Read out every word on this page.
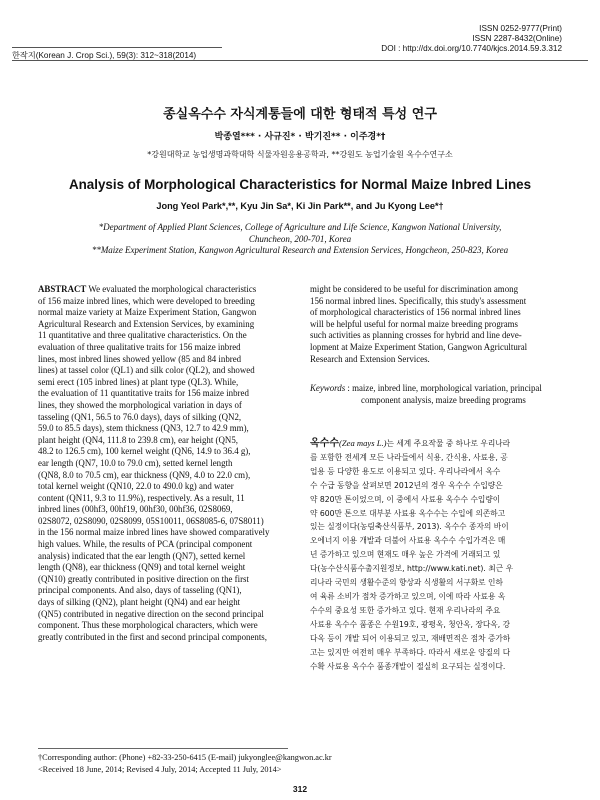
한작지(Korean J. Crop Sci.), 59(3): 312~318(2014)
ISSN 0252-9777(Print)
ISSN 2287-8432(Online)
DOI : http://dx.doi.org/10.7740/kjcs.2014.59.3.312
종실옥수수 자식계통들에 대한 형태적 특성 연구
박종열*** · 사규진* · 박기진** · 이주경*†
*강원대학교 농업생명과학대학 식물자원응용공학과, **강원도 농업기술원 옥수수연구소
Analysis of Morphological Characteristics for Normal Maize Inbred Lines
Jong Yeol Park*,**, Kyu Jin Sa*, Ki Jin Park**, and Ju Kyong Lee*†
*Department of Applied Plant Sciences, College of Agriculture and Life Science, Kangwon National University,
Chuncheon, 200-701, Korea
**Maize Experiment Station, Kangwon Agricultural Research and Extension Services, Hongcheon, 250-823, Korea
ABSTRACT We evaluated the morphological characteristics
of 156 maize inbred lines, which were developed to breeding
normal maize variety at Maize Experiment Station, Gangwon
Agricultural Research and Extension Services, by examining
11 quantitative and three qualitative characteristics. On the
evaluation of three qualitative traits for 156 maize inbred
lines, most inbred lines showed yellow (85 and 84 inbred
lines) at tassel color (QL1) and silk color (QL2), and showed
semi erect (105 inbred lines) at plant type (QL3). While,
the evaluation of 11 quantitative traits for 156 maize inbred
lines, they showed the morphological variation in days of
tasseling (QN1, 56.5 to 76.0 days), days of silking (QN2,
59.0 to 85.5 days), stem thickness (QN3, 12.7 to 42.9 mm),
plant height (QN4, 111.8 to 239.8 cm), ear height (QN5,
48.2 to 126.5 cm), 100 kernel weight (QN6, 14.9 to 36.4 g),
ear length (QN7, 10.0 to 79.0 cm), setted kernel length
(QN8, 8.0 to 70.5 cm), ear thickness (QN9, 4.0 to 22.0 cm),
total kernel weight (QN10, 22.0 to 490.0 kg) and water
content (QN11, 9.3 to 11.9%), respectively. As a result, 11
inbred lines (00hf3, 00hf19, 00hf30, 00hf36, 02S8069,
02S8072, 02S8090, 02S8099, 05S10011, 06S8085-6, 07S8011)
in the 156 normal maize inbred lines have showed comparatively
high values. While, the results of PCA (principal component
analysis) indicated that the ear length (QN7), setted kernel
length (QN8), ear thickness (QN9) and total kernel weight
(QN10) greatly contributed in positive direction on the first
principal components. And also, days of tasseling (QN1),
days of silking (QN2), plant height (QN4) and ear height
(QN5) contributed in negative direction on the second principal
component. Thus these morphological characters, which were
greatly contributed in the first and second principal components,
might be considered to be useful for discrimination among
156 normal inbred lines. Specifically, this study's assessment
of morphological characteristics of 156 normal inbred lines
will be helpful useful for normal maize breeding programs
such activities as planning crosses for hybrid and line deve-
lopment at Maize Experiment Station, Gangwon Agricultural
Research and Extension Services.
Keywords : maize, inbred line, morphological variation, principal
component analysis, maize breeding programs
옥수수(Zea mays L.)는 세계 주요작물 중 하나로 우리나라
를 포함한 전세계 모든 나라들에서 식용, 간식용, 사료용, 공
업용 등 다양한 용도로 이용되고 있다. 우리나라에서 옥수
수 수급 동향을 살펴보면 2012년의 경우 옥수수 수입량은
약 820만 톤이었으며, 이 중에서 사료용 옥수수 수입량이
약 600만 톤으로 대부분 사료용 옥수수는 수입에 의존하고
있는 실정이다(농림축산식품부, 2013). 옥수수 종자의 바이
오에너지 이용 개발과 더불어 사료용 옥수수 수입가격은 매
년 증가하고 있으며 현재도 매우 높은 가격에 거래되고 있
다(농수산식품수출지원정보, http://www.kati.net). 최근 우
리나라 국민의 생활수준의 향상과 식생활의 서구화로 인하
여 육류 소비가 점차 증가하고 있으며, 이에 따라 사료용 옥
수수의 중요성 또한 증가하고 있다. 현재 우리나라의 주요
사료용 옥수수 품종은 수원19호, 광평옥, 청안옥, 장다옥, 강
다옥 등이 개발 되어 이용되고 있고, 재배면적은 점차 증가하
고는 있지만 여전히 매우 부족하다. 따라서 새로운 양질의 다
수확 사료용 옥수수 품종개발이 절실히 요구되는 실정이다.
†Corresponding author: (Phone) +82-33-250-6415 (E-mail) jukyonglee@kangwon.ac.kr
<Received 18 June, 2014; Revised 4 July, 2014; Accepted 11 July, 2014>
312
